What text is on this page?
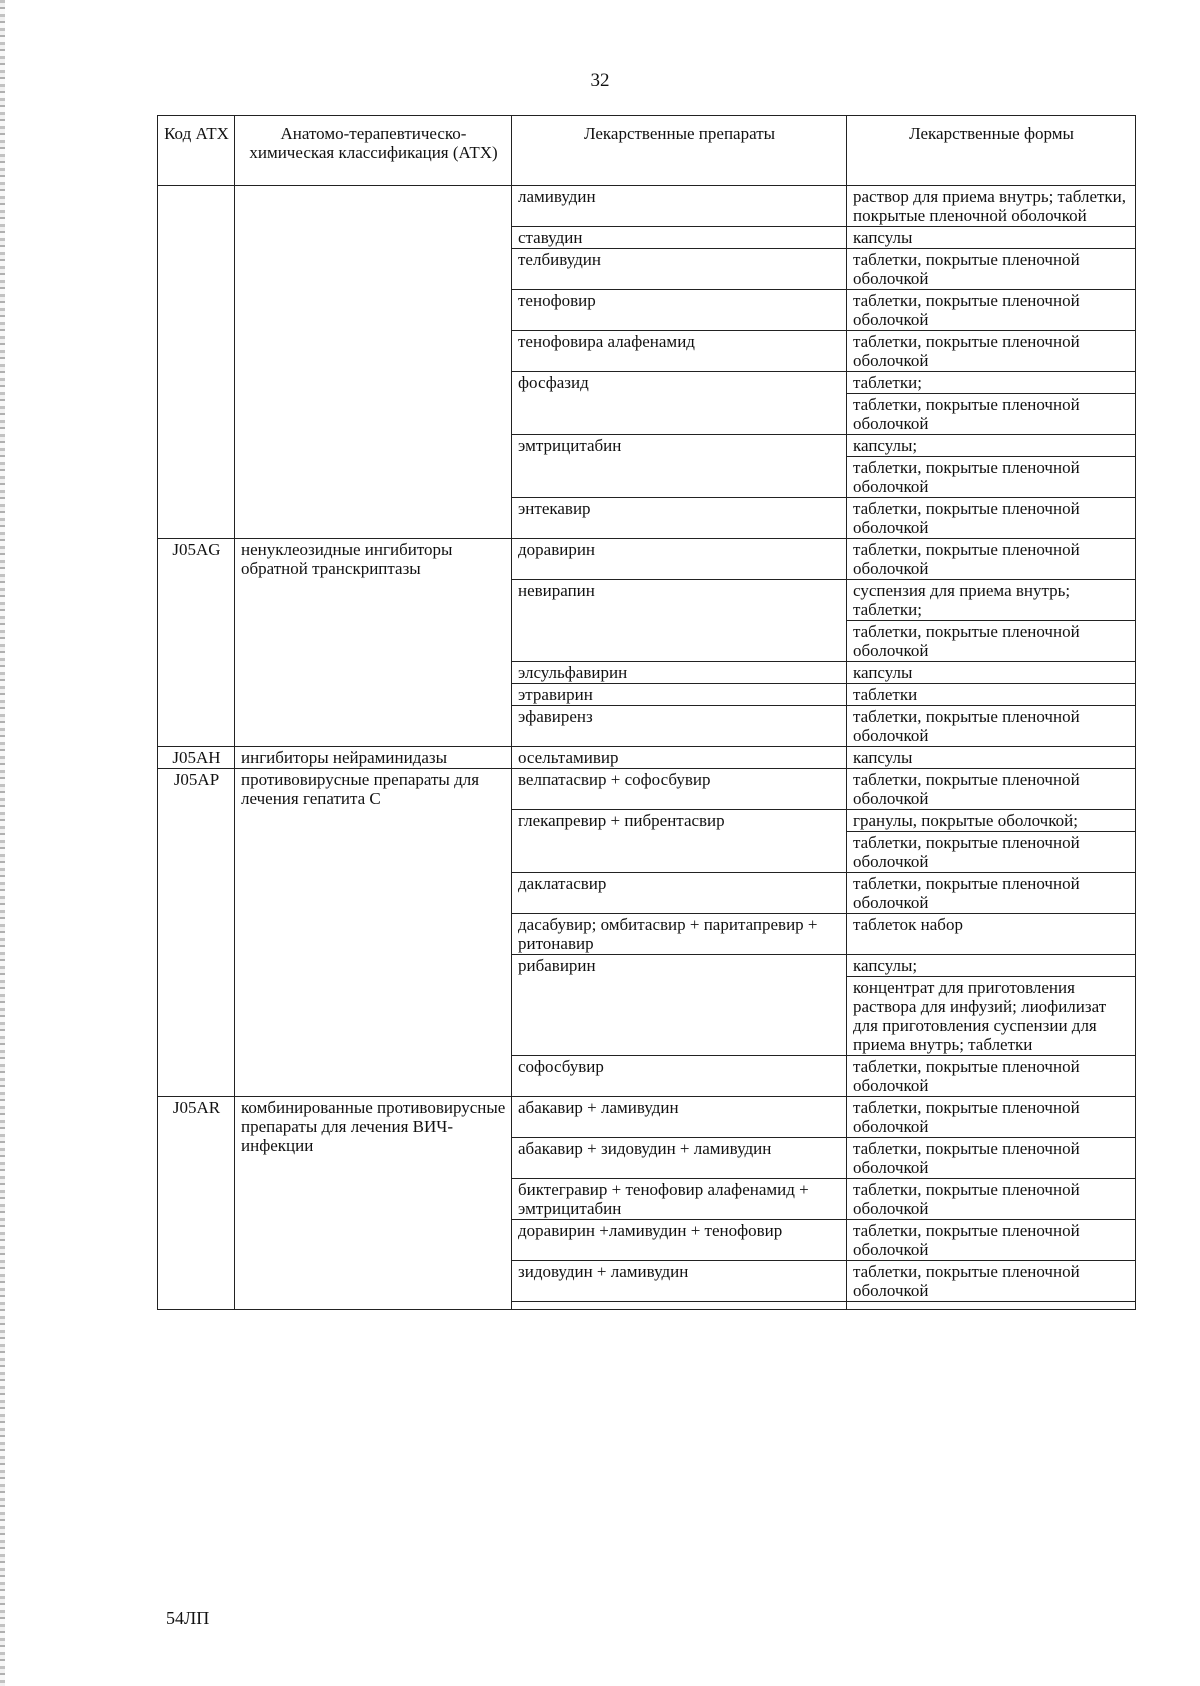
32
Код АТХ	Анатомо-терапевтическо-химическая классификация (АТХ)	Лекарственные препараты	Лекарственные формы
		ламивудин	раствор для приема внутрь; таблетки, покрытые пленочной оболочкой
		ставудин	капсулы
		телбивудин	таблетки, покрытые пленочной оболочкой
		тенофовир	таблетки, покрытые пленочной оболочкой
		тенофовира алафенамид	таблетки, покрытые пленочной оболочкой
		фосфазид	таблетки;
			таблетки, покрытые пленочной оболочкой
		эмтрицитабин	капсулы;
			таблетки, покрытые пленочной оболочкой
		энтекавир	таблетки, покрытые пленочной оболочкой
J05AG	ненуклеозидные ингибиторы обратной транскриптазы	доравирин	таблетки, покрытые пленочной оболочкой
		невирапин	суспензия для приема внутрь; таблетки;
			таблетки, покрытые пленочной оболочкой
		элсульфавирин	капсулы
		этравирин	таблетки
		эфавиренз	таблетки, покрытые пленочной оболочкой
J05AH	ингибиторы нейраминидазы	осельтамивир	капсулы
J05AP	противовирусные препараты для лечения гепатита С	велпатасвир + софосбувир	таблетки, покрытые пленочной оболочкой
		глекапревир + пибрентасвир	гранулы, покрытые оболочкой;
			таблетки, покрытые пленочной оболочкой
		даклатасвир	таблетки, покрытые пленочной оболочкой
		дасабувир; омбитасвир + паритапревир + ритонавир	таблеток набор
		рибавирин	капсулы;
			концентрат для приготовления раствора для инфузий; лиофилизат для приготовления суспензии для приема внутрь; таблетки
		софосбувир	таблетки, покрытые пленочной оболочкой
J05AR	комбинированные противовирусные препараты для лечения ВИЧ-инфекции	абакавир + ламивудин	таблетки, покрытые пленочной оболочкой
		абакавир + зидовудин + ламивудин	таблетки, покрытые пленочной оболочкой
		биктегравир + тенофовир алафенамид + эмтрицитабин	таблетки, покрытые пленочной оболочкой
		доравирин +ламивудин + тенофовир	таблетки, покрытые пленочной оболочкой
		зидовудин + ламивудин	таблетки, покрытые пленочной оболочкой

54ЛП
